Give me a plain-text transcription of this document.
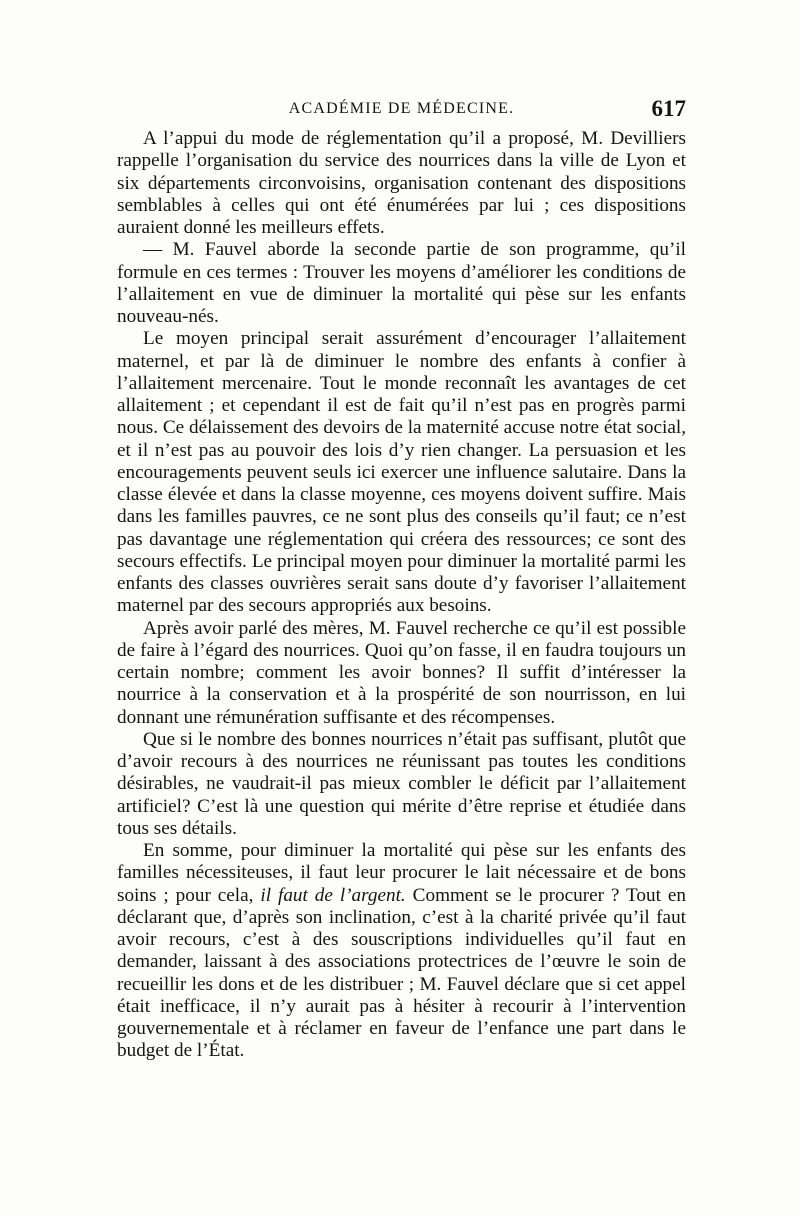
ACADÉMIE DE MÉDECINE.	617

A l’appui du mode de réglementation qu’il a proposé, M. Devilliers rappelle l’organisation du service des nourrices dans la ville de Lyon et six départements circonvoisins, organisation contenant des dispositions semblables à celles qui ont été énumérées par lui ; ces dispositions auraient donné les meilleurs effets.

— M. Fauvel aborde la seconde partie de son programme, qu’il formule en ces termes : Trouver les moyens d’améliorer les conditions de l’allaitement en vue de diminuer la mortalité qui pèse sur les enfants nouveau-nés.

Le moyen principal serait assurément d’encourager l’allaitement maternel, et par là de diminuer le nombre des enfants à confier à l’allaitement mercenaire. Tout le monde reconnaît les avantages de cet allaitement ; et cependant il est de fait qu’il n’est pas en progrès parmi nous. Ce délaissement des devoirs de la maternité accuse notre état social, et il n’est pas au pouvoir des lois d’y rien changer. La persuasion et les encouragements peuvent seuls ici exercer une influence salutaire. Dans la classe élevée et dans la classe moyenne, ces moyens doivent suffire. Mais dans les familles pauvres, ce ne sont plus des conseils qu’il faut; ce n’est pas davantage une réglementation qui créera des ressources; ce sont des secours effectifs. Le principal moyen pour diminuer la mortalité parmi les enfants des classes ouvrières serait sans doute d’y favoriser l’allaitement maternel par des secours appropriés aux besoins.

Après avoir parlé des mères, M. Fauvel recherche ce qu’il est possible de faire à l’égard des nourrices. Quoi qu’on fasse, il en faudra toujours un certain nombre; comment les avoir bonnes? Il suffit d’intéresser la nourrice à la conservation et à la prospérité de son nourrisson, en lui donnant une rémunération suffisante et des récompenses.

Que si le nombre des bonnes nourrices n’était pas suffisant, plutôt que d’avoir recours à des nourrices ne réunissant pas toutes les conditions désirables, ne vaudrait-il pas mieux combler le déficit par l’allaitement artificiel? C’est là une question qui mérite d’être reprise et étudiée dans tous ses détails.

En somme, pour diminuer la mortalité qui pèse sur les enfants des familles nécessiteuses, il faut leur procurer le lait nécessaire et de bons soins ; pour cela, il faut de l’argent. Comment se le procurer ? Tout en déclarant que, d’après son inclination, c’est à la charité privée qu’il faut avoir recours, c’est à des souscriptions individuelles qu’il faut en demander, laissant à des associations protectrices de l’œuvre le soin de recueillir les dons et de les distribuer ; M. Fauvel déclare que si cet appel était inefficace, il n’y aurait pas à hésiter à recourir à l’intervention gouvernementale et à réclamer en faveur de l’enfance une part dans le budget de l’État.
